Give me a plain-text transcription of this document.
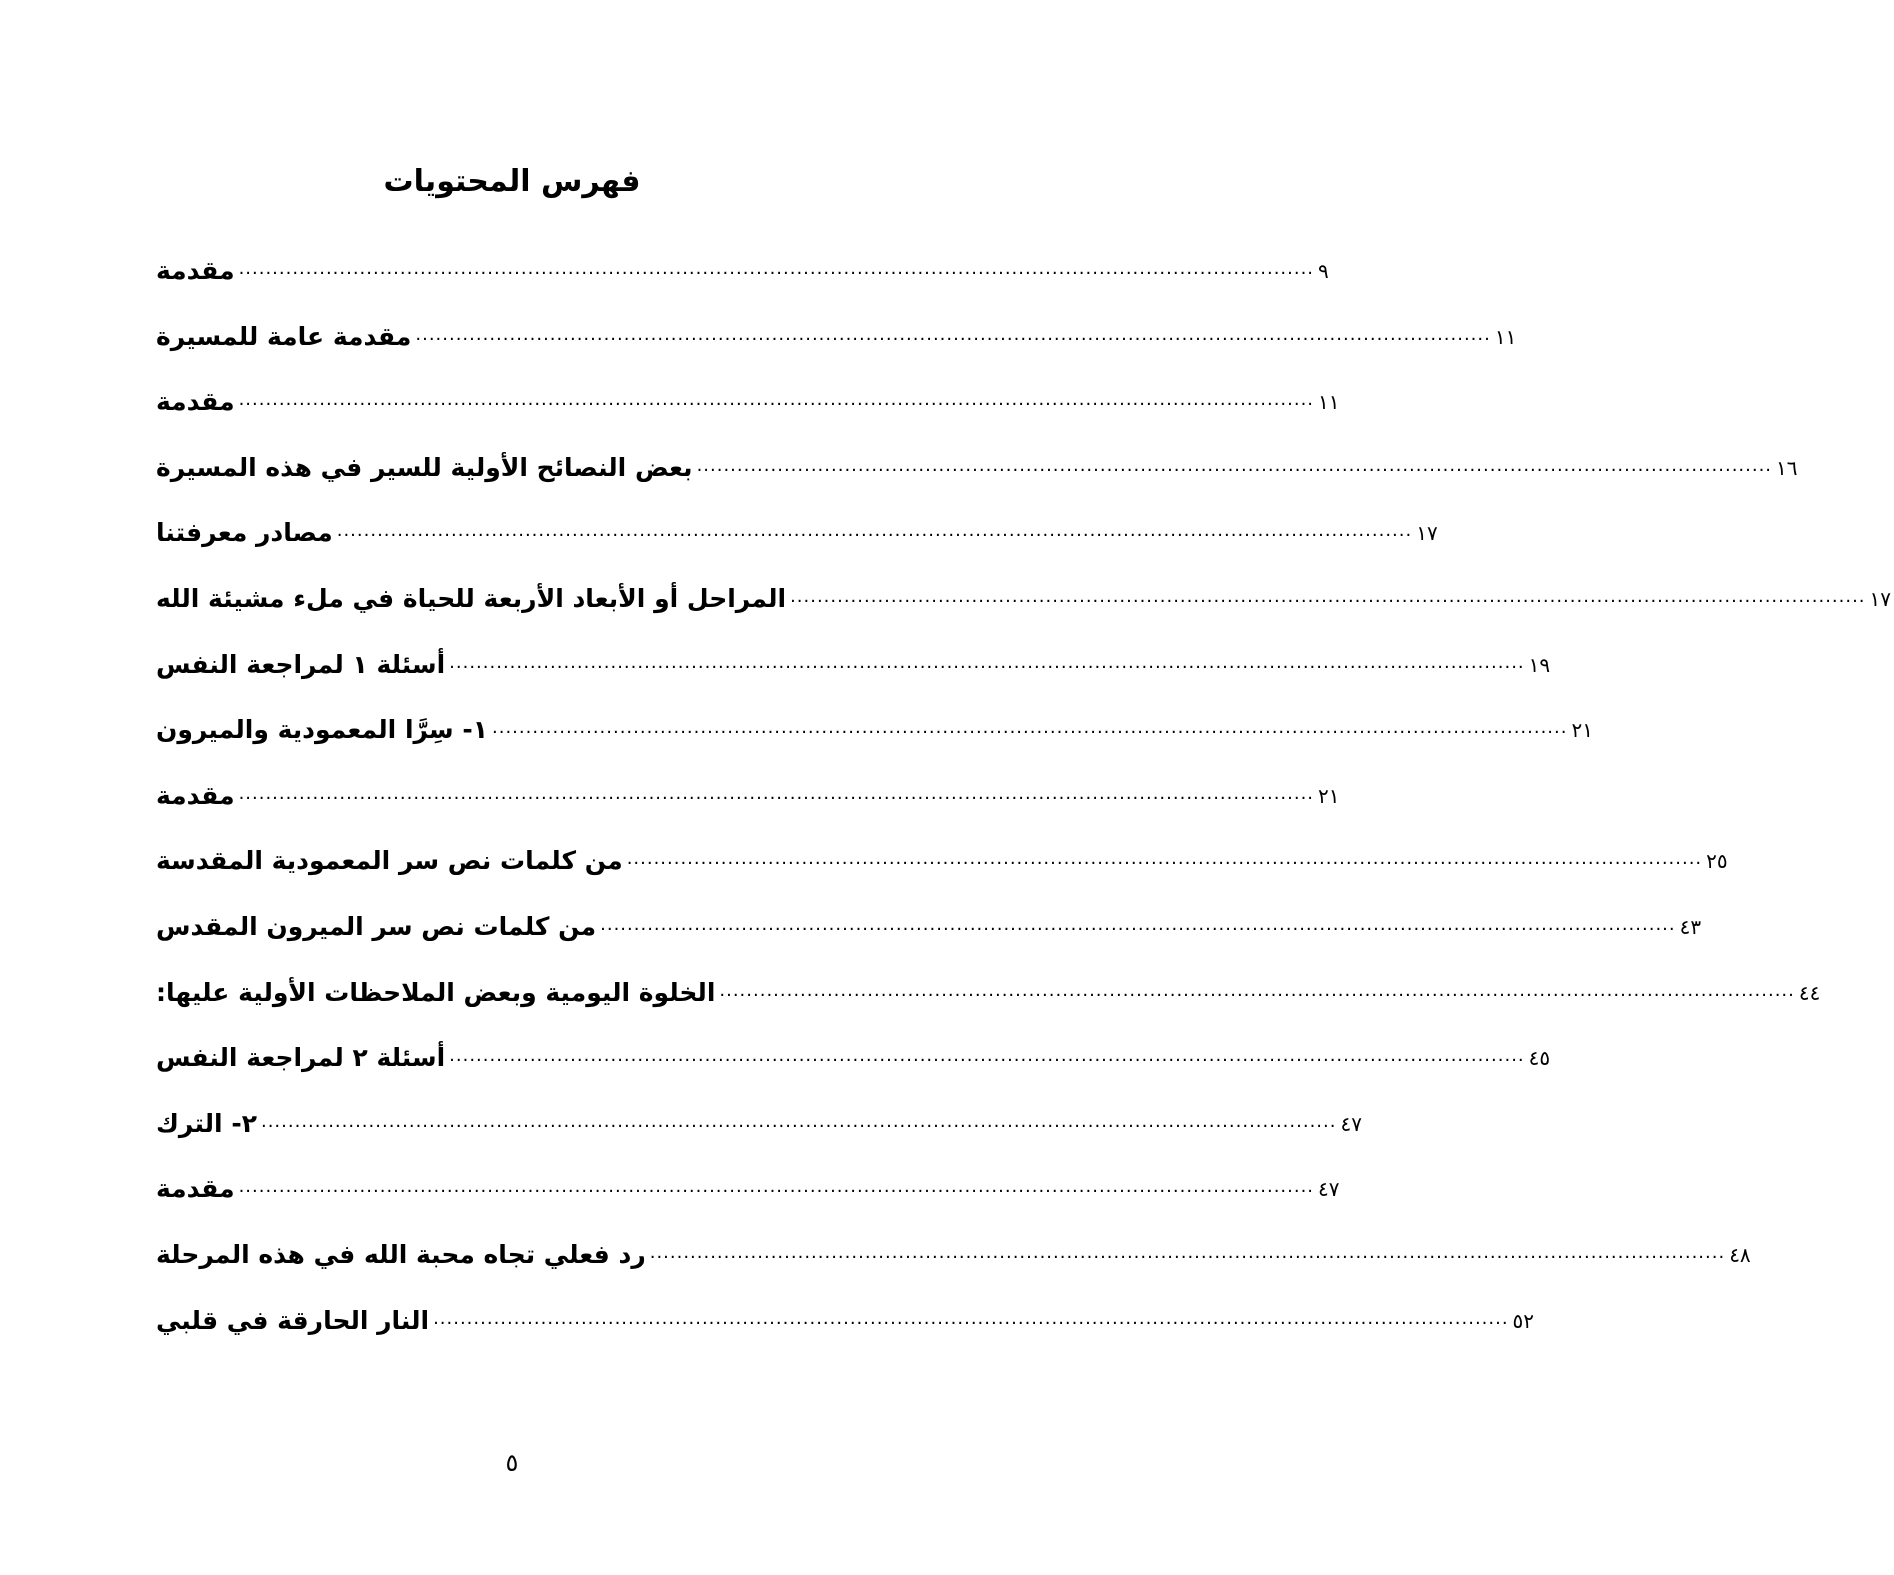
فهرس المحتويات
مقدمة ................................................................................................................................................................ ٩
مقدمة عامة للمسيرة ................................................................................................................................................................ ١١
مقدمة ................................................................................................................................................................ ١١
بعض النصائح الأولية للسير في هذه المسيرة ................................................................................................................................................................ ١٦
مصادر معرفتنا ................................................................................................................................................................ ١٧
المراحل أو الأبعاد الأربعة للحياة في ملء مشيئة الله ................................................................................................................................................................ ١٧
أسئلة ١ لمراجعة النفس ................................................................................................................................................................ ١٩
١- سِرَّا المعمودية والميرون ................................................................................................................................................................ ٢١
مقدمة ................................................................................................................................................................ ٢١
من كلمات نص سر المعمودية المقدسة ................................................................................................................................................................ ٢٥
من كلمات نص سر الميرون المقدس ................................................................................................................................................................ ٤٣
الخلوة اليومية وبعض الملاحظات الأولية عليها: ................................................................................................................................................................ ٤٤
أسئلة ٢ لمراجعة النفس ................................................................................................................................................................ ٤٥
٢- الترك ................................................................................................................................................................ ٤٧
مقدمة ................................................................................................................................................................ ٤٧
رد فعلي تجاه محبة الله في هذه المرحلة ................................................................................................................................................................ ٤٨
النار الحارقة في قلبي ................................................................................................................................................................ ٥٢
٥
